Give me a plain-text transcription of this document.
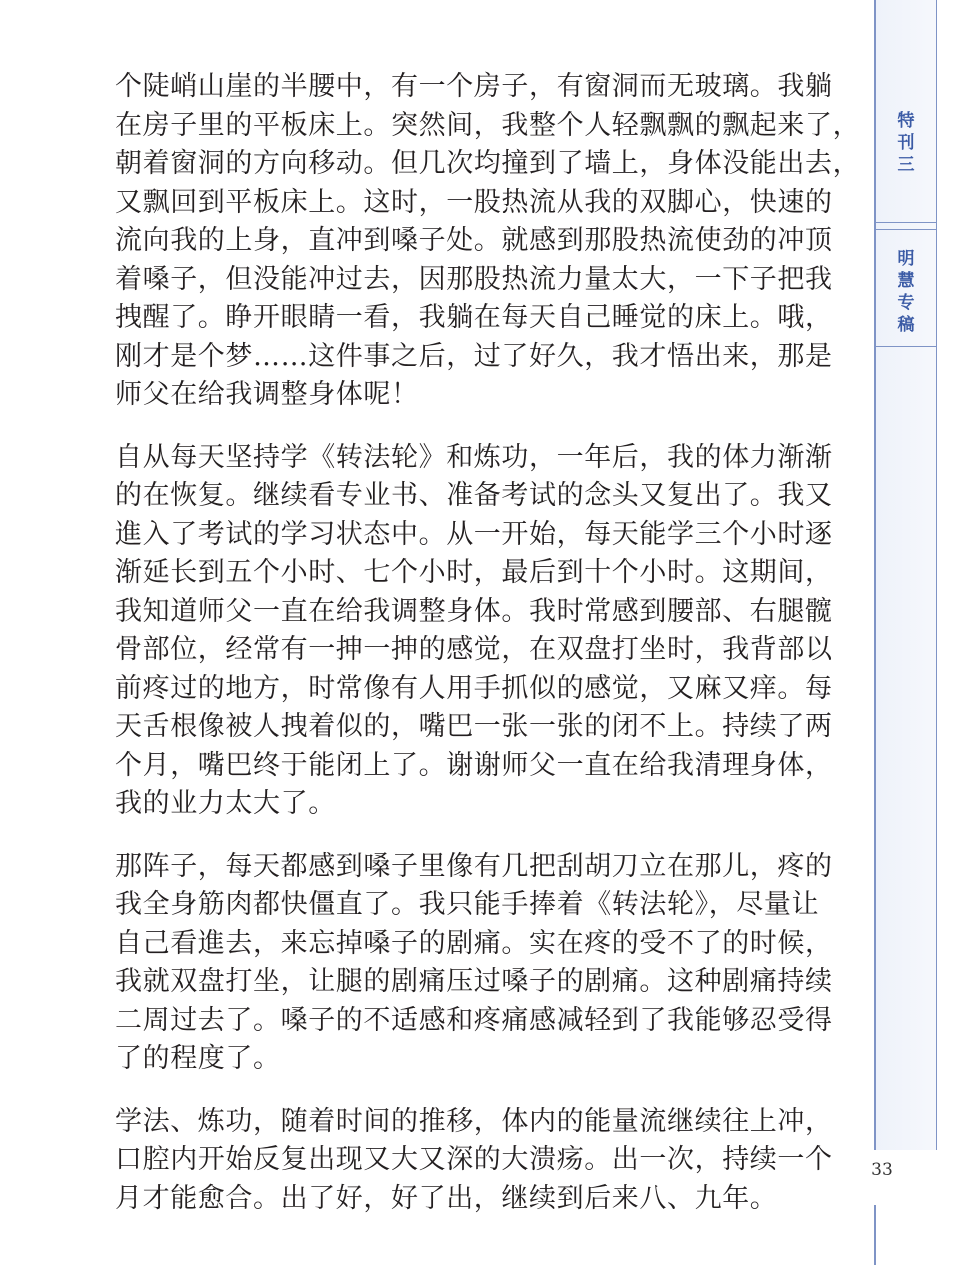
个陡峭山崖的半腰中，有一个房子，有窗洞而无玻璃。我躺
在房子里的平板床上。突然间，我整个人轻飘飘的飘起来了，
朝着窗洞的方向移动。但几次均撞到了墙上，身体没能出去，
又飘回到平板床上。这时，一股热流从我的双脚心，快速的
流向我的上身，直冲到嗓子处。就感到那股热流使劲的冲顶
着嗓子，但没能冲过去，因那股热流力量太大，一下子把我
拽醒了。睁开眼睛一看，我躺在每天自己睡觉的床上。哦，
刚才是个梦……这件事之后，过了好久，我才悟出来，那是
师父在给我调整身体呢！

自从每天坚持学《转法轮》和炼功，一年后，我的体力渐渐
的在恢复。继续看专业书、准备考试的念头又复出了。我又
進入了考试的学习状态中。从一开始，每天能学三个小时逐
渐延长到五个小时、七个小时，最后到十个小时。这期间，
我知道师父一直在给我调整身体。我时常感到腰部、右腿髋
骨部位，经常有一抻一抻的感觉，在双盘打坐时，我背部以
前疼过的地方，时常像有人用手抓似的感觉，又麻又痒。每
天舌根像被人拽着似的，嘴巴一张一张的闭不上。持续了两
个月，嘴巴终于能闭上了。谢谢师父一直在给我清理身体，
我的业力太大了。

那阵子，每天都感到嗓子里像有几把刮胡刀立在那儿，疼的
我全身筋肉都快僵直了。我只能手捧着《转法轮》，尽量让
自己看進去，来忘掉嗓子的剧痛。实在疼的受不了的时候，
我就双盘打坐，让腿的剧痛压过嗓子的剧痛。这种剧痛持续
二周过去了。嗓子的不适感和疼痛感减轻到了我能够忍受得
了的程度了。

学法、炼功，随着时间的推移，体内的能量流继续往上冲，
口腔内开始反复出现又大又深的大溃疡。出一次，持续一个
月才能愈合。出了好，好了出，继续到后来八、九年。

特
刊
三
明
慧
专
稿
33
